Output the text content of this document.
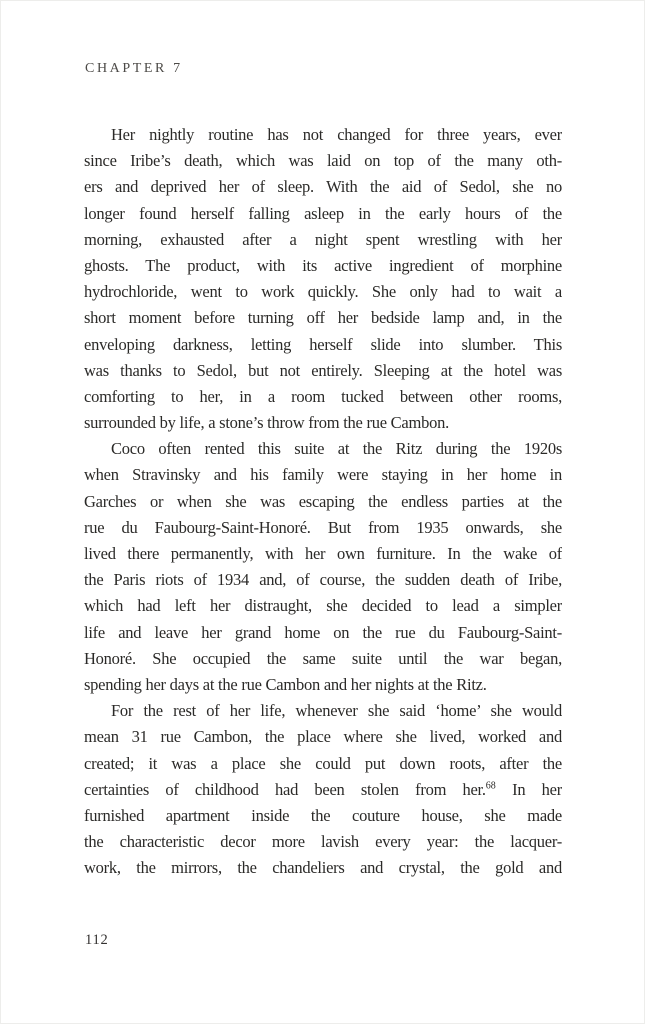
CHAPTER 7
Her nightly routine has not changed for three years, ever
since Iribe’s death, which was laid on top of the many oth-
ers and deprived her of sleep. With the aid of Sedol, she no
longer found herself falling asleep in the early hours of the
morning, exhausted after a night spent wrestling with her
ghosts. The product, with its active ingredient of morphine
hydrochloride, went to work quickly. She only had to wait a
short moment before turning off her bedside lamp and, in the
enveloping darkness, letting herself slide into slumber. This
was thanks to Sedol, but not entirely. Sleeping at the hotel was
comforting to her, in a room tucked between other rooms,
surrounded by life, a stone’s throw from the rue Cambon.
Coco often rented this suite at the Ritz during the 1920s
when Stravinsky and his family were staying in her home in
Garches or when she was escaping the endless parties at the
rue du Faubourg-Saint-Honoré. But from 1935 onwards, she
lived there permanently, with her own furniture. In the wake of
the Paris riots of 1934 and, of course, the sudden death of Iribe,
which had left her distraught, she decided to lead a simpler
life and leave her grand home on the rue du Faubourg-Saint-
Honoré. She occupied the same suite until the war began,
spending her days at the rue Cambon and her nights at the Ritz.
For the rest of her life, whenever she said ‘home’ she would
mean 31 rue Cambon, the place where she lived, worked and
created; it was a place she could put down roots, after the
certainties of childhood had been stolen from her.$^{68}$ In her
furnished apartment inside the couture house, she made
the characteristic decor more lavish every year: the lacquer-
work, the mirrors, the chandeliers and crystal, the gold and
112
